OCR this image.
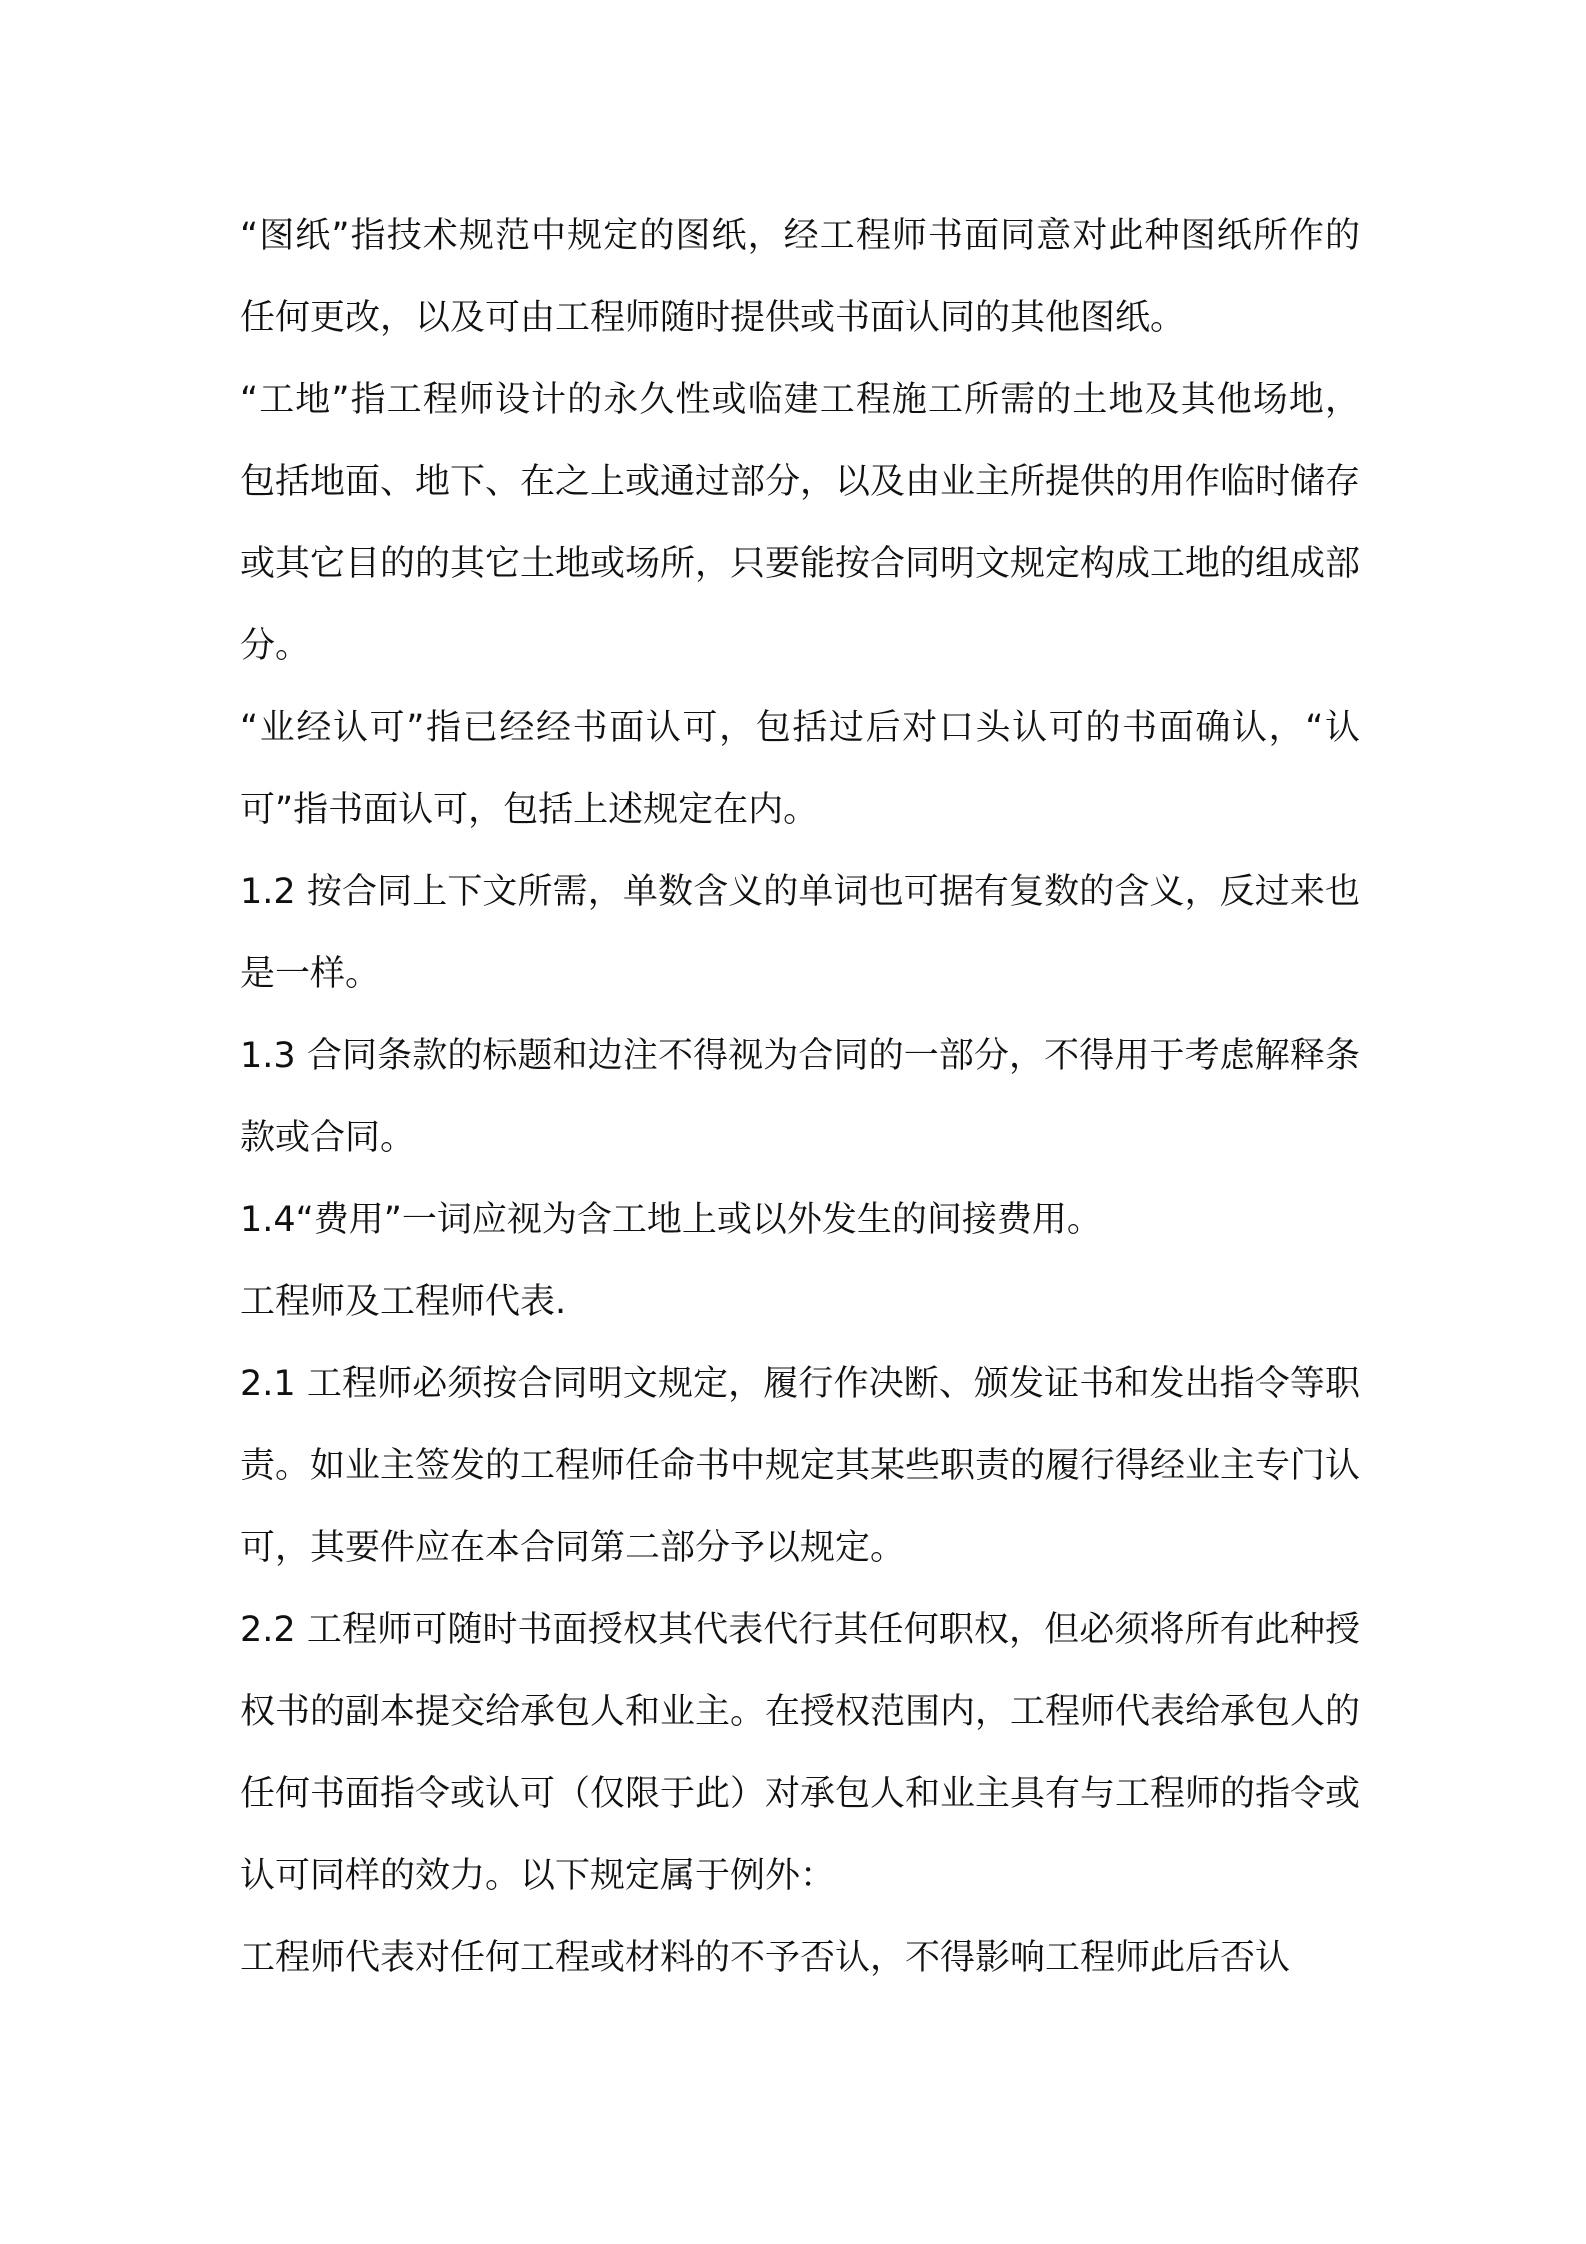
“图纸”指技术规范中规定的图纸，经工程师书面同意对此种图纸所作的任何更改，以及可由工程师随时提供或书面认同的其他图纸。

“工地”指工程师设计的永久性或临建工程施工所需的土地及其他场地，包括地面、地下、在之上或通过部分，以及由业主所提供的用作临时储存或其它目的的其它土地或场所，只要能按合同明文规定构成工地的组成部分。

“业经认可”指已经经书面认可，包括过后对口头认可的书面确认，“认可”指书面认可，包括上述规定在内。

1.2 按合同上下文所需，单数含义的单词也可据有复数的含义，反过来也是一样。

1.3 合同条款的标题和边注不得视为合同的一部分，不得用于考虑解释条款或合同。

1.4“费用”一词应视为含工地上或以外发生的间接费用。

工程师及工程师代表.

2.1 工程师必须按合同明文规定，履行作决断、颁发证书和发出指令等职责。如业主签发的工程师任命书中规定其某些职责的履行得经业主专门认可，其要件应在本合同第二部分予以规定。

2.2 工程师可随时书面授权其代表代行其任何职权，但必须将所有此种授权书的副本提交给承包人和业主。在授权范围内，工程师代表给承包人的任何书面指令或认可（仅限于此）对承包人和业主具有与工程师的指令或认可同样的效力。以下规定属于例外：

工程师代表对任何工程或材料的不予否认，不得影响工程师此后否认
